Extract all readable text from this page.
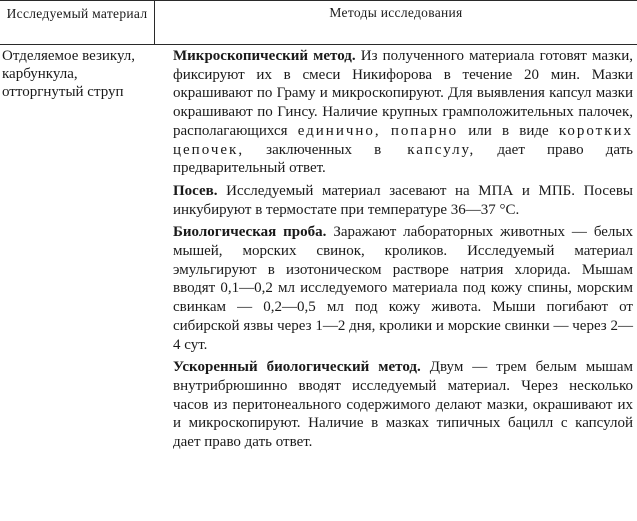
Исследуемый материал	Методы исследования
Отделяемое везикул, карбункула, отторгнутый струп

Микроскопический метод. Из полученного материала готовят мазки, фиксируют их в смеси Никифорова в течение 20 мин. Мазки окрашивают по Граму и микроскопируют. Для выявления капсул мазки окрашивают по Гинсу. Наличие крупных грамположительных палочек, располагающихся единично, попарно или в виде коротких цепочек, заключенных в капсулу, дает право дать предварительный ответ.

Посев. Исследуемый материал засевают на МПА и МПБ. Посевы инкубируют в термостате при температуре 36—37 °С.

Биологическая проба. Заражают лабораторных животных — белых мышей, морских свинок, кроликов. Исследуемый материал эмульгируют в изотоническом растворе натрия хлорида. Мышам вводят 0,1—0,2 мл исследуемого материала под кожу спины, морским свинкам — 0,2—0,5 мл под кожу живота. Мыши погибают от сибирской язвы через 1—2 дня, кролики и морские свинки — через 2—4 сут.

Ускоренный биологический метод. Двум — трем белым мышам внутрибрюшинно вводят исследуемый материал. Через несколько часов из перитонеального содержимого делают мазки, окрашивают их и микроскопируют. Наличие в мазках типичных бацилл с капсулой дает право дать ответ.
